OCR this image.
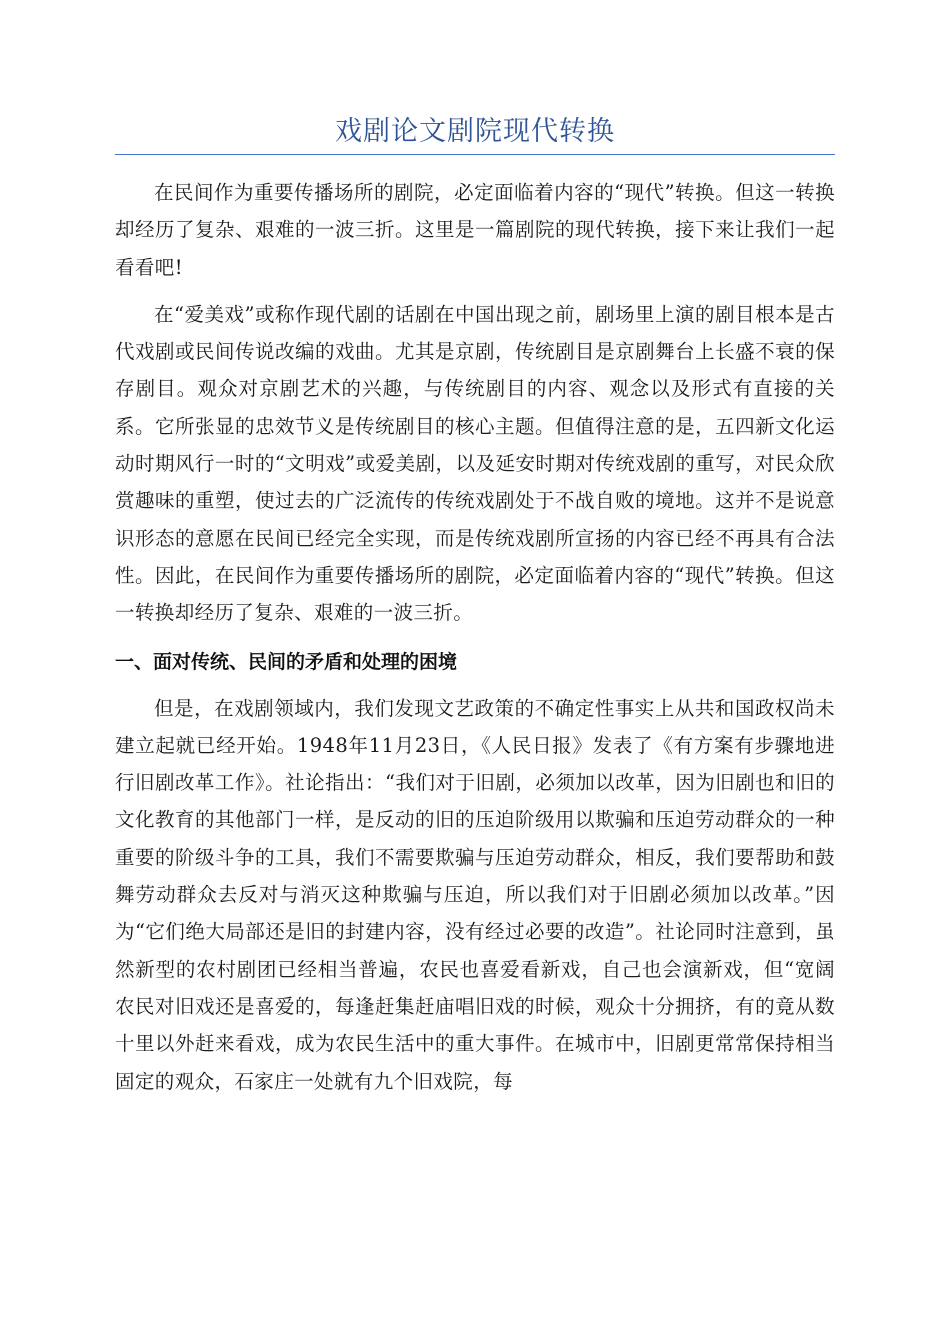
戏剧论文剧院现代转换

在民间作为重要传播场所的剧院，必定面临着内容的“现代”转换。但这一转换却经历了复杂、艰难的一波三折。这里是一篇剧院的现代转换，接下来让我们一起看看吧!

在“爱美戏”或称作现代剧的话剧在中国出现之前，剧场里上演的剧目根本是古代戏剧或民间传说改编的戏曲。尤其是京剧，传统剧目是京剧舞台上长盛不衰的保存剧目。观众对京剧艺术的兴趣，与传统剧目的内容、观念以及形式有直接的关系。它所张显的忠效节义是传统剧目的核心主题。但值得注意的是，五四新文化运动时期风行一时的“文明戏”或爱美剧，以及延安时期对传统戏剧的重写，对民众欣赏趣味的重塑，使过去的广泛流传的传统戏剧处于不战自败的境地。这并不是说意识形态的意愿在民间已经完全实现，而是传统戏剧所宣扬的内容已经不再具有合法性。因此，在民间作为重要传播场所的剧院，必定面临着内容的“现代”转换。但这一转换却经历了复杂、艰难的一波三折。

一、面对传统、民间的矛盾和处理的困境

但是，在戏剧领域内，我们发现文艺政策的不确定性事实上从共和国政权尚未建立起就已经开始。1948年11月23日，《人民日报》发表了《有方案有步骤地进行旧剧改革工作》。社论指出：“我们对于旧剧，必须加以改革，因为旧剧也和旧的文化教育的其他部门一样，是反动的旧的压迫阶级用以欺骗和压迫劳动群众的一种重要的阶级斗争的工具，我们不需要欺骗与压迫劳动群众，相反，我们要帮助和鼓舞劳动群众去反对与消灭这种欺骗与压迫，所以我们对于旧剧必须加以改革。”因为“它们绝大局部还是旧的封建内容，没有经过必要的改造”。社论同时注意到，虽然新型的农村剧团已经相当普遍，农民也喜爱看新戏，自己也会演新戏，但“宽阔农民对旧戏还是喜爱的，每逢赶集赶庙唱旧戏的时候，观众十分拥挤，有的竟从数十里以外赶来看戏，成为农民生活中的重大事件。在城市中，旧剧更常常保持相当固定的观众，石家庄一处就有九个旧戏院，每
